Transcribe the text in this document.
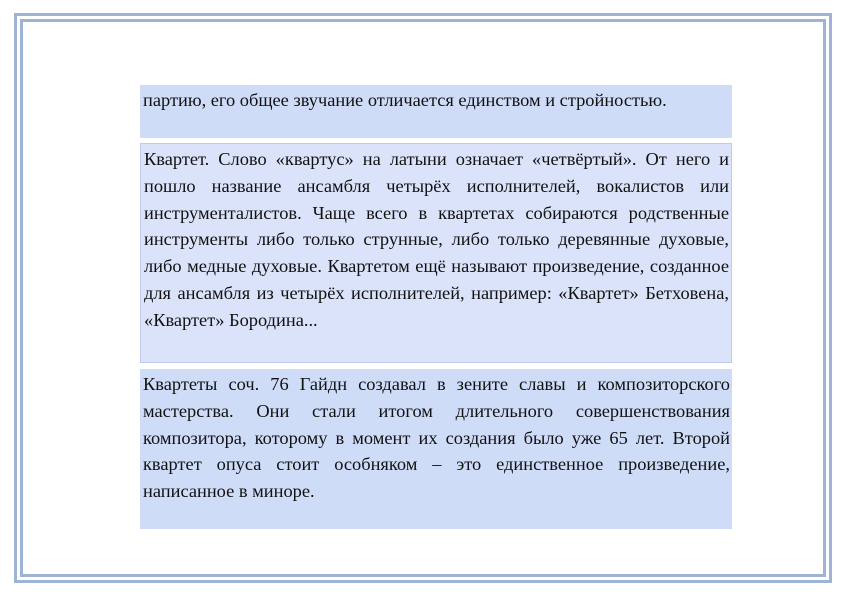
партию, его общее звучание отличается единством и стройностью.

Квартет. Слово «квартус» на латыни означает «четвёртый». От него и пошло название ансамбля четырёх исполнителей, вокалистов или инструменталистов. Чаще всего в квартетах собираются родственные инструменты либо только струнные, либо только деревянные духовые, либо медные духовые. Квартетом ещё называют произведение, созданное для ансамбля из четырёх исполнителей, например: «Квартет» Бетховена, «Квартет» Бородина...

Квартеты соч. 76 Гайдн создавал в зените славы и композиторского мастерства. Они стали итогом длительного совершенствования композитора, которому в момент их создания было уже 65 лет. Второй квартет опуса стоит особняком – это единственное произведение, написанное в миноре.
